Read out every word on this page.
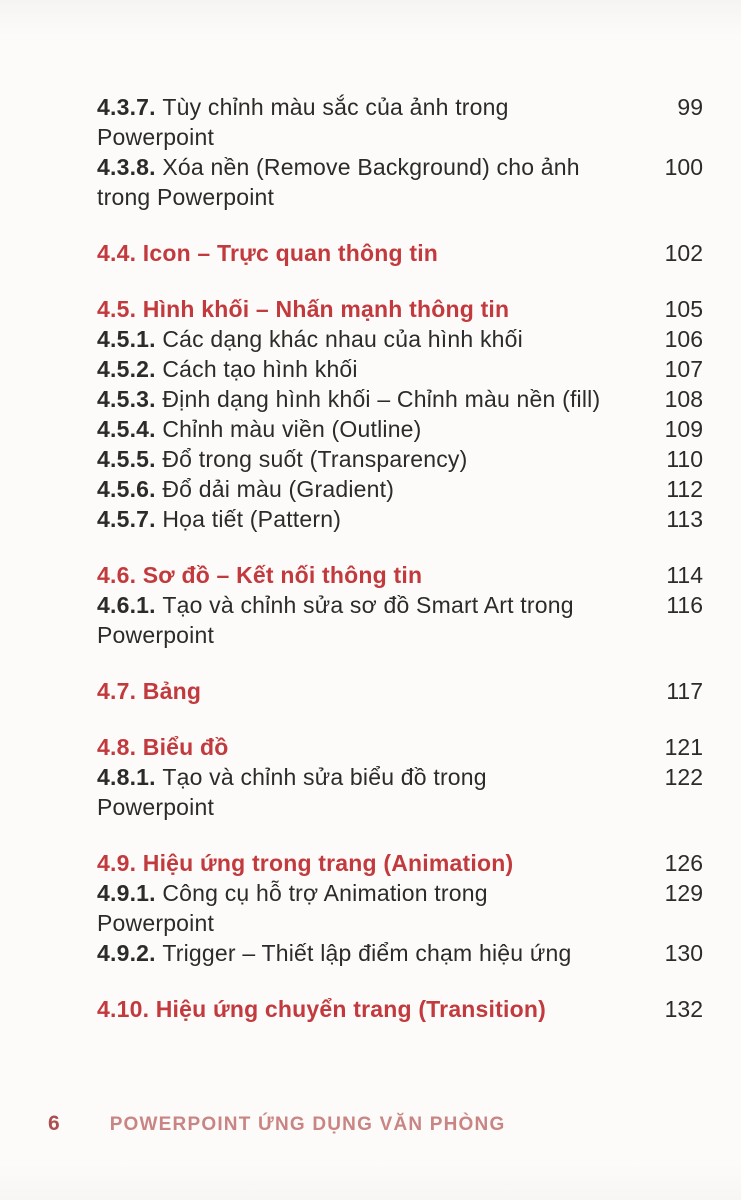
4.3.7. Tùy chỉnh màu sắc của ảnh trong
Powerpoint
99
4.3.8. Xóa nền (Remove Background) cho ảnh
trong Powerpoint
100
4.4. Icon – Trực quan thông tin	102
4.5. Hình khối – Nhấn mạnh thông tin	105
4.5.1. Các dạng khác nhau của hình khối	106
4.5.2. Cách tạo hình khối	107
4.5.3. Định dạng hình khối – Chỉnh màu nền (fill)	108
4.5.4. Chỉnh màu viền (Outline)	109
4.5.5. Đổ trong suốt (Transparency)	110
4.5.6. Đổ dải màu (Gradient)	112
4.5.7. Họa tiết (Pattern)	113
4.6. Sơ đồ – Kết nối thông tin	114
4.6.1. Tạo và chỉnh sửa sơ đồ Smart Art trong
Powerpoint
116
4.7. Bảng	117
4.8. Biểu đồ	121
4.8.1. Tạo và chỉnh sửa biểu đồ trong
Powerpoint
122
4.9. Hiệu ứng trong trang (Animation)	126
4.9.1. Công cụ hỗ trợ Animation trong
Powerpoint
129
4.9.2. Trigger – Thiết lập điểm chạm hiệu ứng	130
4.10. Hiệu ứng chuyển trang (Transition)	132
6	POWERPOINT ỨNG DỤNG VĂN PHÒNG
